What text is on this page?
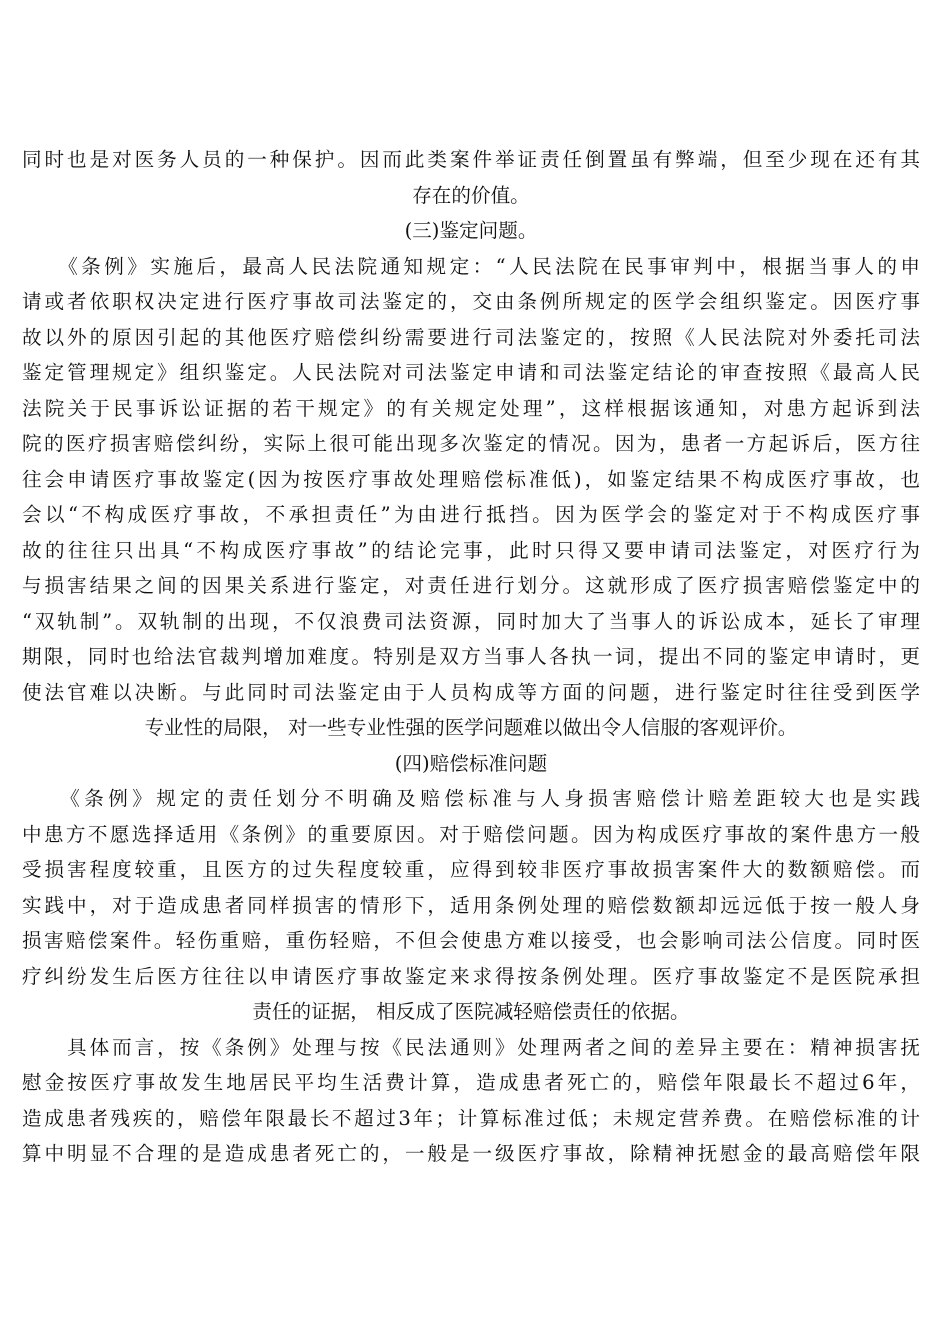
同时也是对医务人员的一种保护。因而此类案件举证责任倒置虽有弊端，但至少现在还有其
存在的价值。
(三)鉴定问题。
　　《条例》实施后，最高人民法院通知规定：“人民法院在民事审判中，根据当事人的申
请或者依职权决定进行医疗事故司法鉴定的，交由条例所规定的医学会组织鉴定。因医疗事
故以外的原因引起的其他医疗赔偿纠纷需要进行司法鉴定的，按照《人民法院对外委托司法
鉴定管理规定》组织鉴定。人民法院对司法鉴定申请和司法鉴定结论的审查按照《最高人民
法院关于民事诉讼证据的若干规定》的有关规定处理”，这样根据该通知，对患方起诉到法
院的医疗损害赔偿纠纷，实际上很可能出现多次鉴定的情况。因为，患者一方起诉后，医方往
往会申请医疗事故鉴定(因为按医疗事故处理赔偿标准低)，如鉴定结果不构成医疗事故，也
会以“不构成医疗事故，不承担责任”为由进行抵挡。因为医学会的鉴定对于不构成医疗事
故的往往只出具“不构成医疗事故”的结论完事，此时只得又要申请司法鉴定，对医疗行为
与损害结果之间的因果关系进行鉴定，对责任进行划分。这就形成了医疗损害赔偿鉴定中的
“双轨制”。双轨制的出现，不仅浪费司法资源，同时加大了当事人的诉讼成本，延长了审理
期限，同时也给法官裁判增加难度。特别是双方当事人各执一词，提出不同的鉴定申请时，更
使法官难以决断。与此同时司法鉴定由于人员构成等方面的问题，进行鉴定时往往受到医学
专业性的局限， 对一些专业性强的医学问题难以做出令人信服的客观评价。
(四)赔偿标准问题
　　《条例》规定的责任划分不明确及赔偿标准与人身损害赔偿计赔差距较大也是实践
中患方不愿选择适用《条例》的重要原因。对于赔偿问题。因为构成医疗事故的案件患方一般
受损害程度较重，且医方的过失程度较重，应得到较非医疗事故损害案件大的数额赔偿。而
实践中，对于造成患者同样损害的情形下，适用条例处理的赔偿数额却远远低于按一般人身
损害赔偿案件。轻伤重赔，重伤轻赔，不但会使患方难以接受，也会影响司法公信度。同时医
疗纠纷发生后医方往往以申请医疗事故鉴定来求得按条例处理。医疗事故鉴定不是医院承担
责任的证据， 相反成了医院减轻赔偿责任的依据。
　　具体而言，按《条例》处理与按《民法通则》处理两者之间的差异主要在：精神损害抚
慰金按医疗事故发生地居民平均生活费计算，造成患者死亡的，赔偿年限最长不超过6年，
造成患者残疾的，赔偿年限最长不超过3年；计算标准过低；未规定营养费。在赔偿标准的计
算中明显不合理的是造成患者死亡的，一般是一级医疗事故，除精神抚慰金的最高赔偿年限
